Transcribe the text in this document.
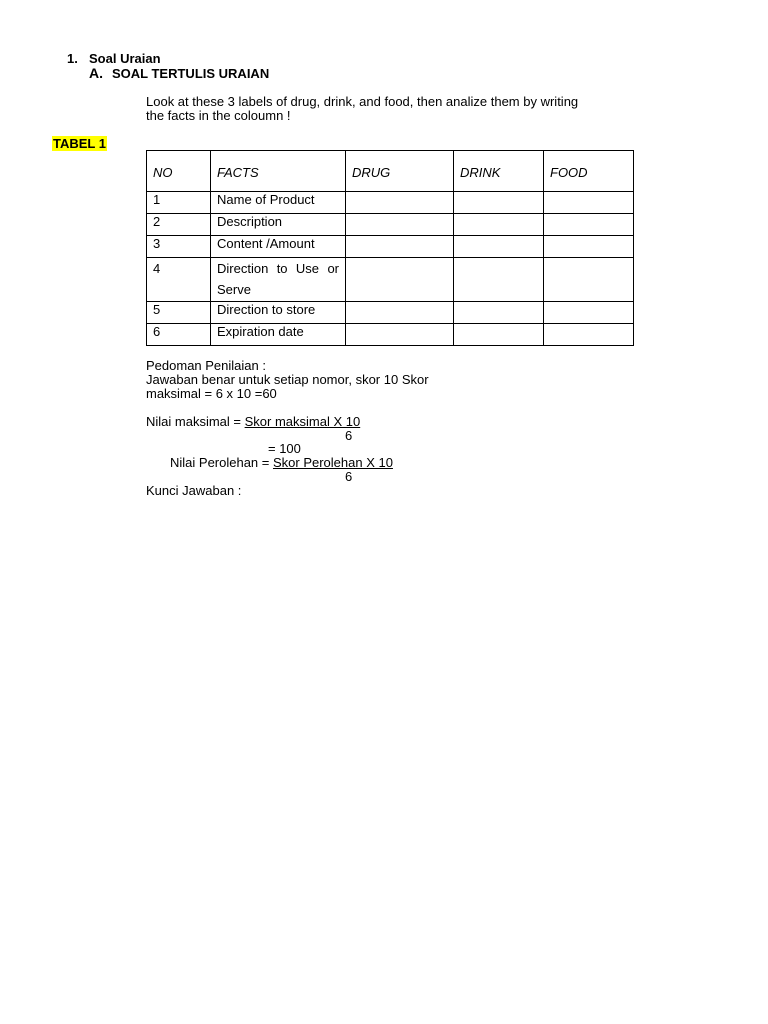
1. Soal Uraian
A. SOAL TERTULIS URAIAN
Look at these 3 labels of drug, drink, and food, then analize them by writing
the facts in the coloumn !
TABEL 1
NO	FACTS	DRUG	DRINK	FOOD
1	Name of Product			
2	Description			
3	Content /Amount			
4	Direction to Use or
Serve			

5	Direction to store			
6	Expiration date			
Pedoman Penilaian :
Jawaban benar untuk setiap nomor, skor 10 Skor
maksimal = 6 x 10 =60
Nilai maksimal = Skor maksimal X 10
6
= 100
Nilai Perolehan = Skor Perolehan X 10
6
Kunci Jawaban :
